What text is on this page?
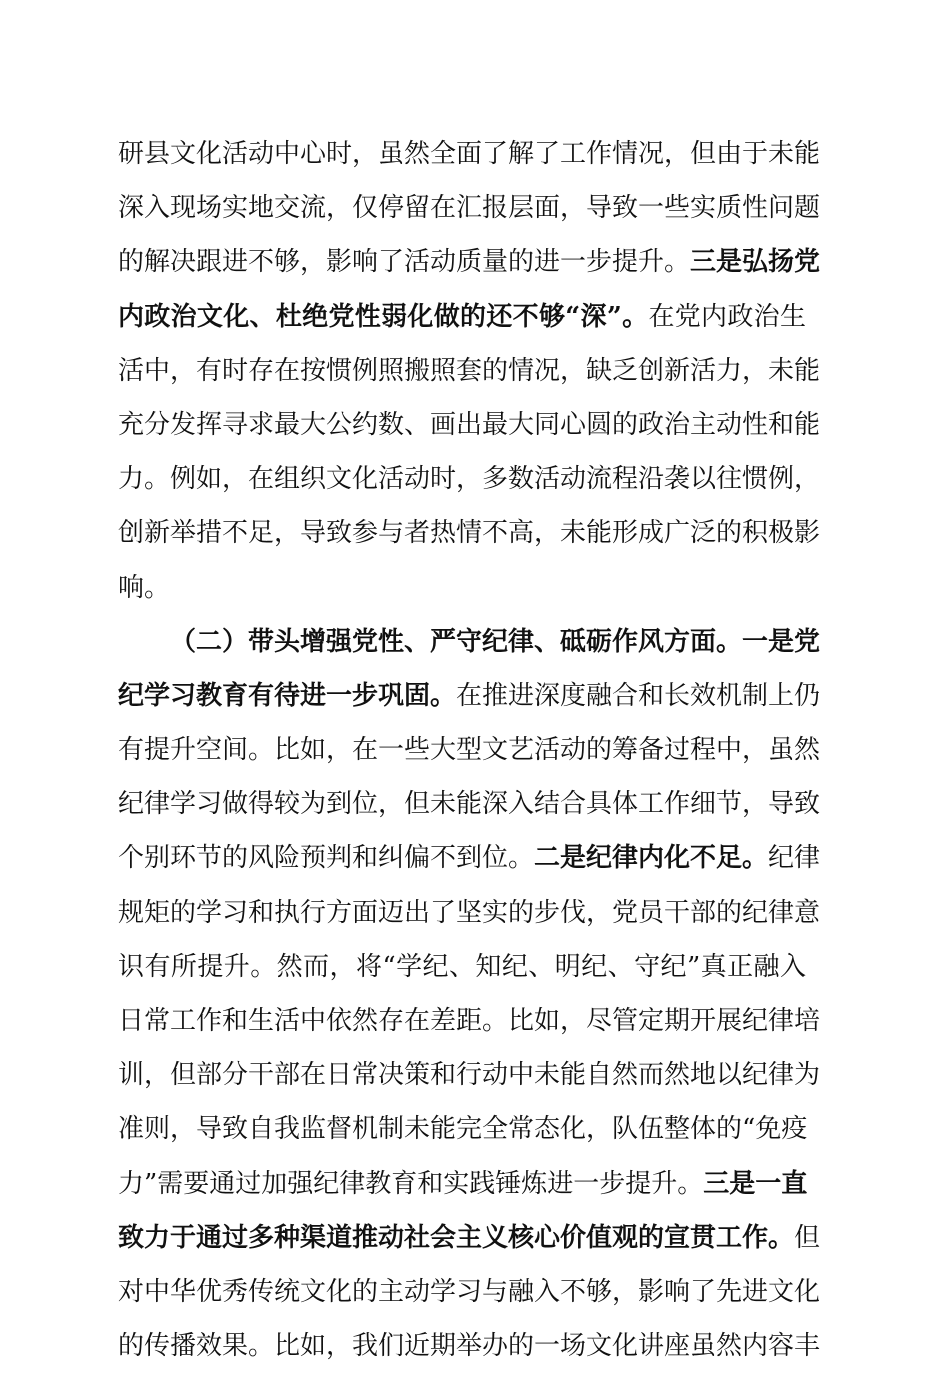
研县文化活动中心时，虽然全面了解了工作情况，但由于未能
深入现场实地交流，仅停留在汇报层面，导致一些实质性问题
的解决跟进不够，影响了活动质量的进一步提升。三是弘扬党
内政治文化、杜绝党性弱化做的还不够“深”。在党内政治生
活中，有时存在按惯例照搬照套的情况，缺乏创新活力，未能
充分发挥寻求最大公约数、画出最大同心圆的政治主动性和能
力。例如，在组织文化活动时，多数活动流程沿袭以往惯例，
创新举措不足，导致参与者热情不高，未能形成广泛的积极影
响。
（二）带头增强党性、严守纪律、砥砺作风方面。一是党
纪学习教育有待进一步巩固。在推进深度融合和长效机制上仍
有提升空间。比如，在一些大型文艺活动的筹备过程中，虽然
纪律学习做得较为到位，但未能深入结合具体工作细节，导致
个别环节的风险预判和纠偏不到位。二是纪律内化不足。纪律
规矩的学习和执行方面迈出了坚实的步伐，党员干部的纪律意
识有所提升。然而，将“学纪、知纪、明纪、守纪”真正融入
日常工作和生活中依然存在差距。比如，尽管定期开展纪律培
训，但部分干部在日常决策和行动中未能自然而然地以纪律为
准则，导致自我监督机制未能完全常态化，队伍整体的“免疫
力”需要通过加强纪律教育和实践锤炼进一步提升。三是一直
致力于通过多种渠道推动社会主义核心价值观的宣贯工作。但
对中华优秀传统文化的主动学习与融入不够，影响了先进文化
的传播效果。比如，我们近期举办的一场文化讲座虽然内容丰
